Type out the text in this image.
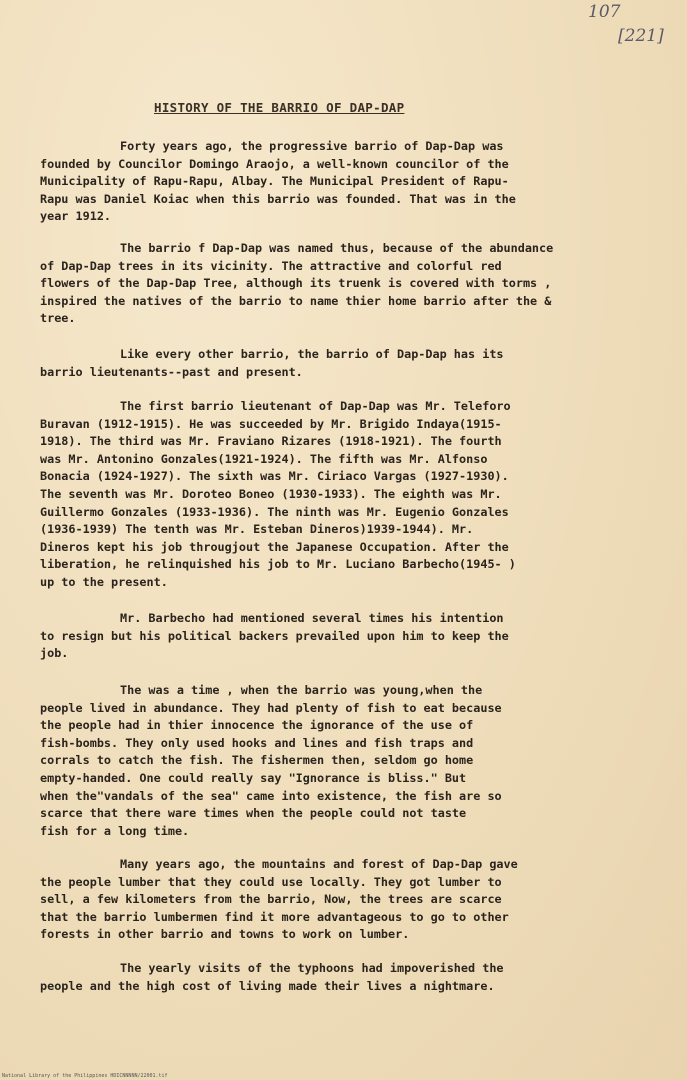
107
[221]
HISTORY OF THE BARRIO OF DAP-DAP

Forty years ago, the progressive barrio of Dap-Dap was
founded by Councilor Domingo Araojo, a well-known councilor of the
Municipality of Rapu-Rapu, Albay. The Municipal President of Rapu-
Rapu was Daniel Koiac when this barrio was founded. That was in the
year 1912.

The barrio f Dap-Dap was named thus, because of the abundance
of Dap-Dap trees in its vicinity. The attractive and colorful red
flowers of the Dap-Dap Tree, although its truenk is covered with torms ,
inspired the natives of the barrio to name thier home barrio after the &
tree.

Like every other barrio, the barrio of Dap-Dap has its
barrio lieutenants--past and present.

The first barrio lieutenant of Dap-Dap was Mr. Teleforo
Buravan (1912-1915). He was succeeded by Mr. Brigido Indaya(1915-
1918). The third was Mr. Fraviano Rizares (1918-1921). The fourth
was Mr. Antonino Gonzales(1921-1924). The fifth was Mr. Alfonso
Bonacia (1924-1927). The sixth was Mr. Ciriaco Vargas (1927-1930).
The seventh was Mr. Doroteo Boneo (1930-1933). The eighth was Mr.
Guillermo Gonzales (1933-1936). The ninth was Mr. Eugenio Gonzales
(1936-1939) The tenth was Mr. Esteban Dineros)1939-1944). Mr.
Dineros kept his job througjout the Japanese Occupation. After the
liberation, he relinquished his job to Mr. Luciano Barbecho(1945- )
up to the present.

Mr. Barbecho had mentioned several times his intention
to resign but his political backers prevailed upon him to keep the
job.

The was a time , when the barrio was young,when the
people lived in abundance. They had plenty of fish to eat because
the people had in thier innocence the ignorance of the use of
fish-bombs. They only used hooks and lines and fish traps and
corrals to catch the fish. The fishermen then, seldom go home
empty-handed. One could really say "Ignorance is bliss." But
when the"vandals of the sea" came into existence, the fish are so
scarce that there ware times when the people could not taste
fish for a long time.

Many years ago, the mountains and forest of Dap-Dap gave
the people lumber that they could use locally. They got lumber to
sell, a few kilometers from the barrio, Now, the trees are scarce
that the barrio lumbermen find it more advantageous to go to other
forests in other barrio and towns to work on lumber.

The yearly visits of the typhoons had impoverished the
people and the high cost of living made their lives a nightmare.

National Library of the Philippines HDICNNNNN/22001.tif
